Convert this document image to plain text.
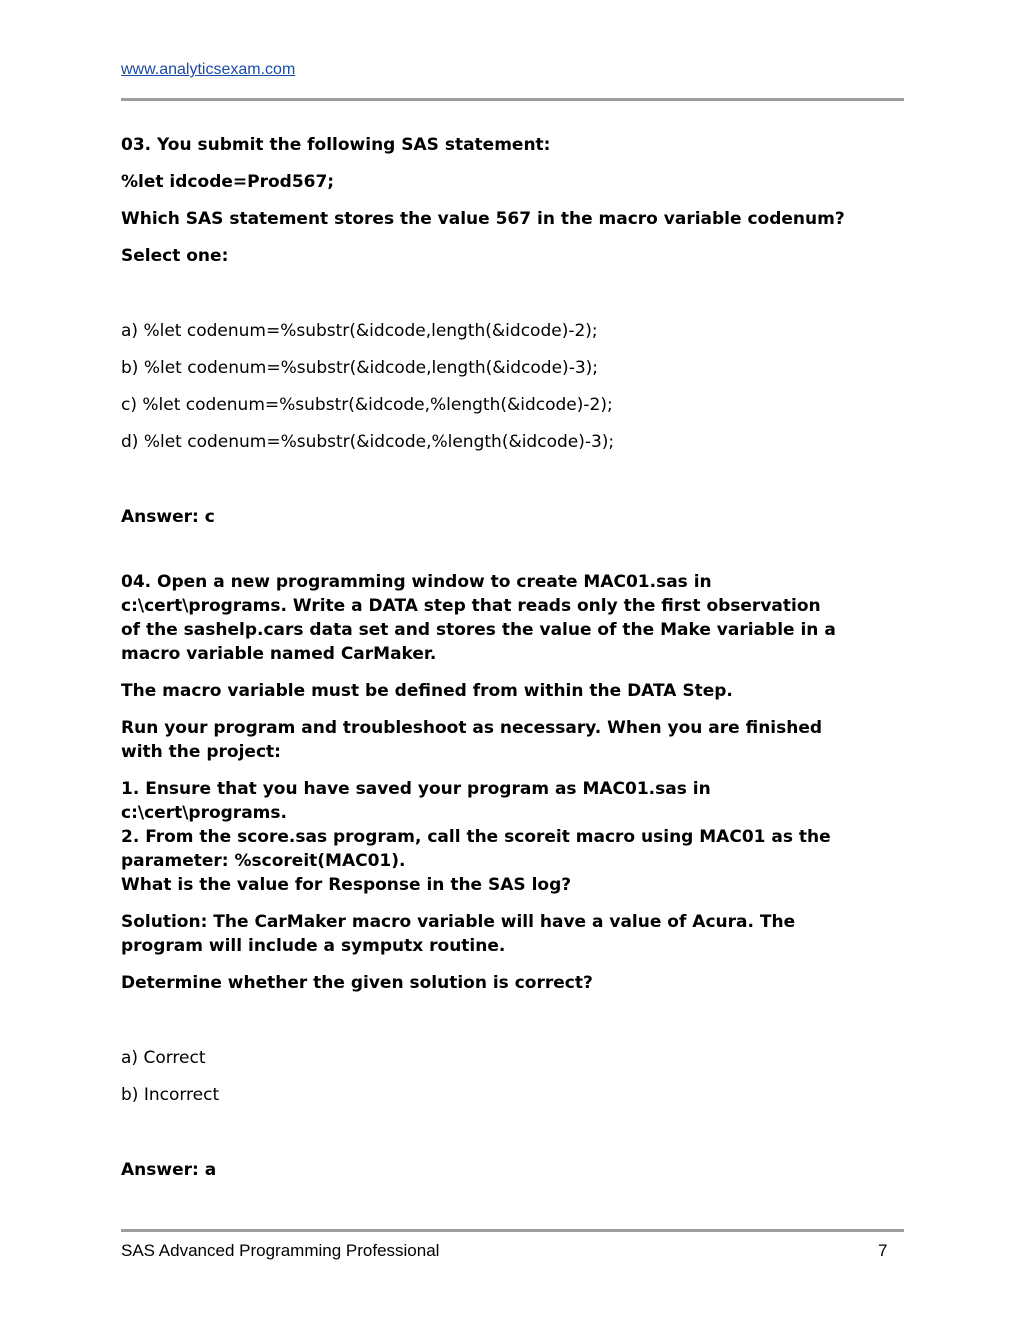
www.analyticsexam.com

03. You submit the following SAS statement:

%let idcode=Prod567;

Which SAS statement stores the value 567 in the macro variable codenum?

Select one:

a) %let codenum=%substr(&idcode,length(&idcode)-2);

b) %let codenum=%substr(&idcode,length(&idcode)-3);

c) %let codenum=%substr(&idcode,%length(&idcode)-2);

d) %let codenum=%substr(&idcode,%length(&idcode)-3);

Answer: c

04. Open a new programming window to create MAC01.sas in

c:\cert\programs. Write a DATA step that reads only the first observation

of the sashelp.cars data set and stores the value of the Make variable in a

macro variable named CarMaker.

The macro variable must be defined from within the DATA Step.

Run your program and troubleshoot as necessary. When you are finished

with the project:

1. Ensure that you have saved your program as MAC01.sas in

c:\cert\programs.

2. From the score.sas program, call the scoreit macro using MAC01 as the

parameter: %scoreit(MAC01).

What is the value for Response in the SAS log?

Solution: The CarMaker macro variable will have a value of Acura. The

program will include a symputx routine.

Determine whether the given solution is correct?

a) Correct

b) Incorrect

Answer: a

SAS Advanced Programming Professional	7
